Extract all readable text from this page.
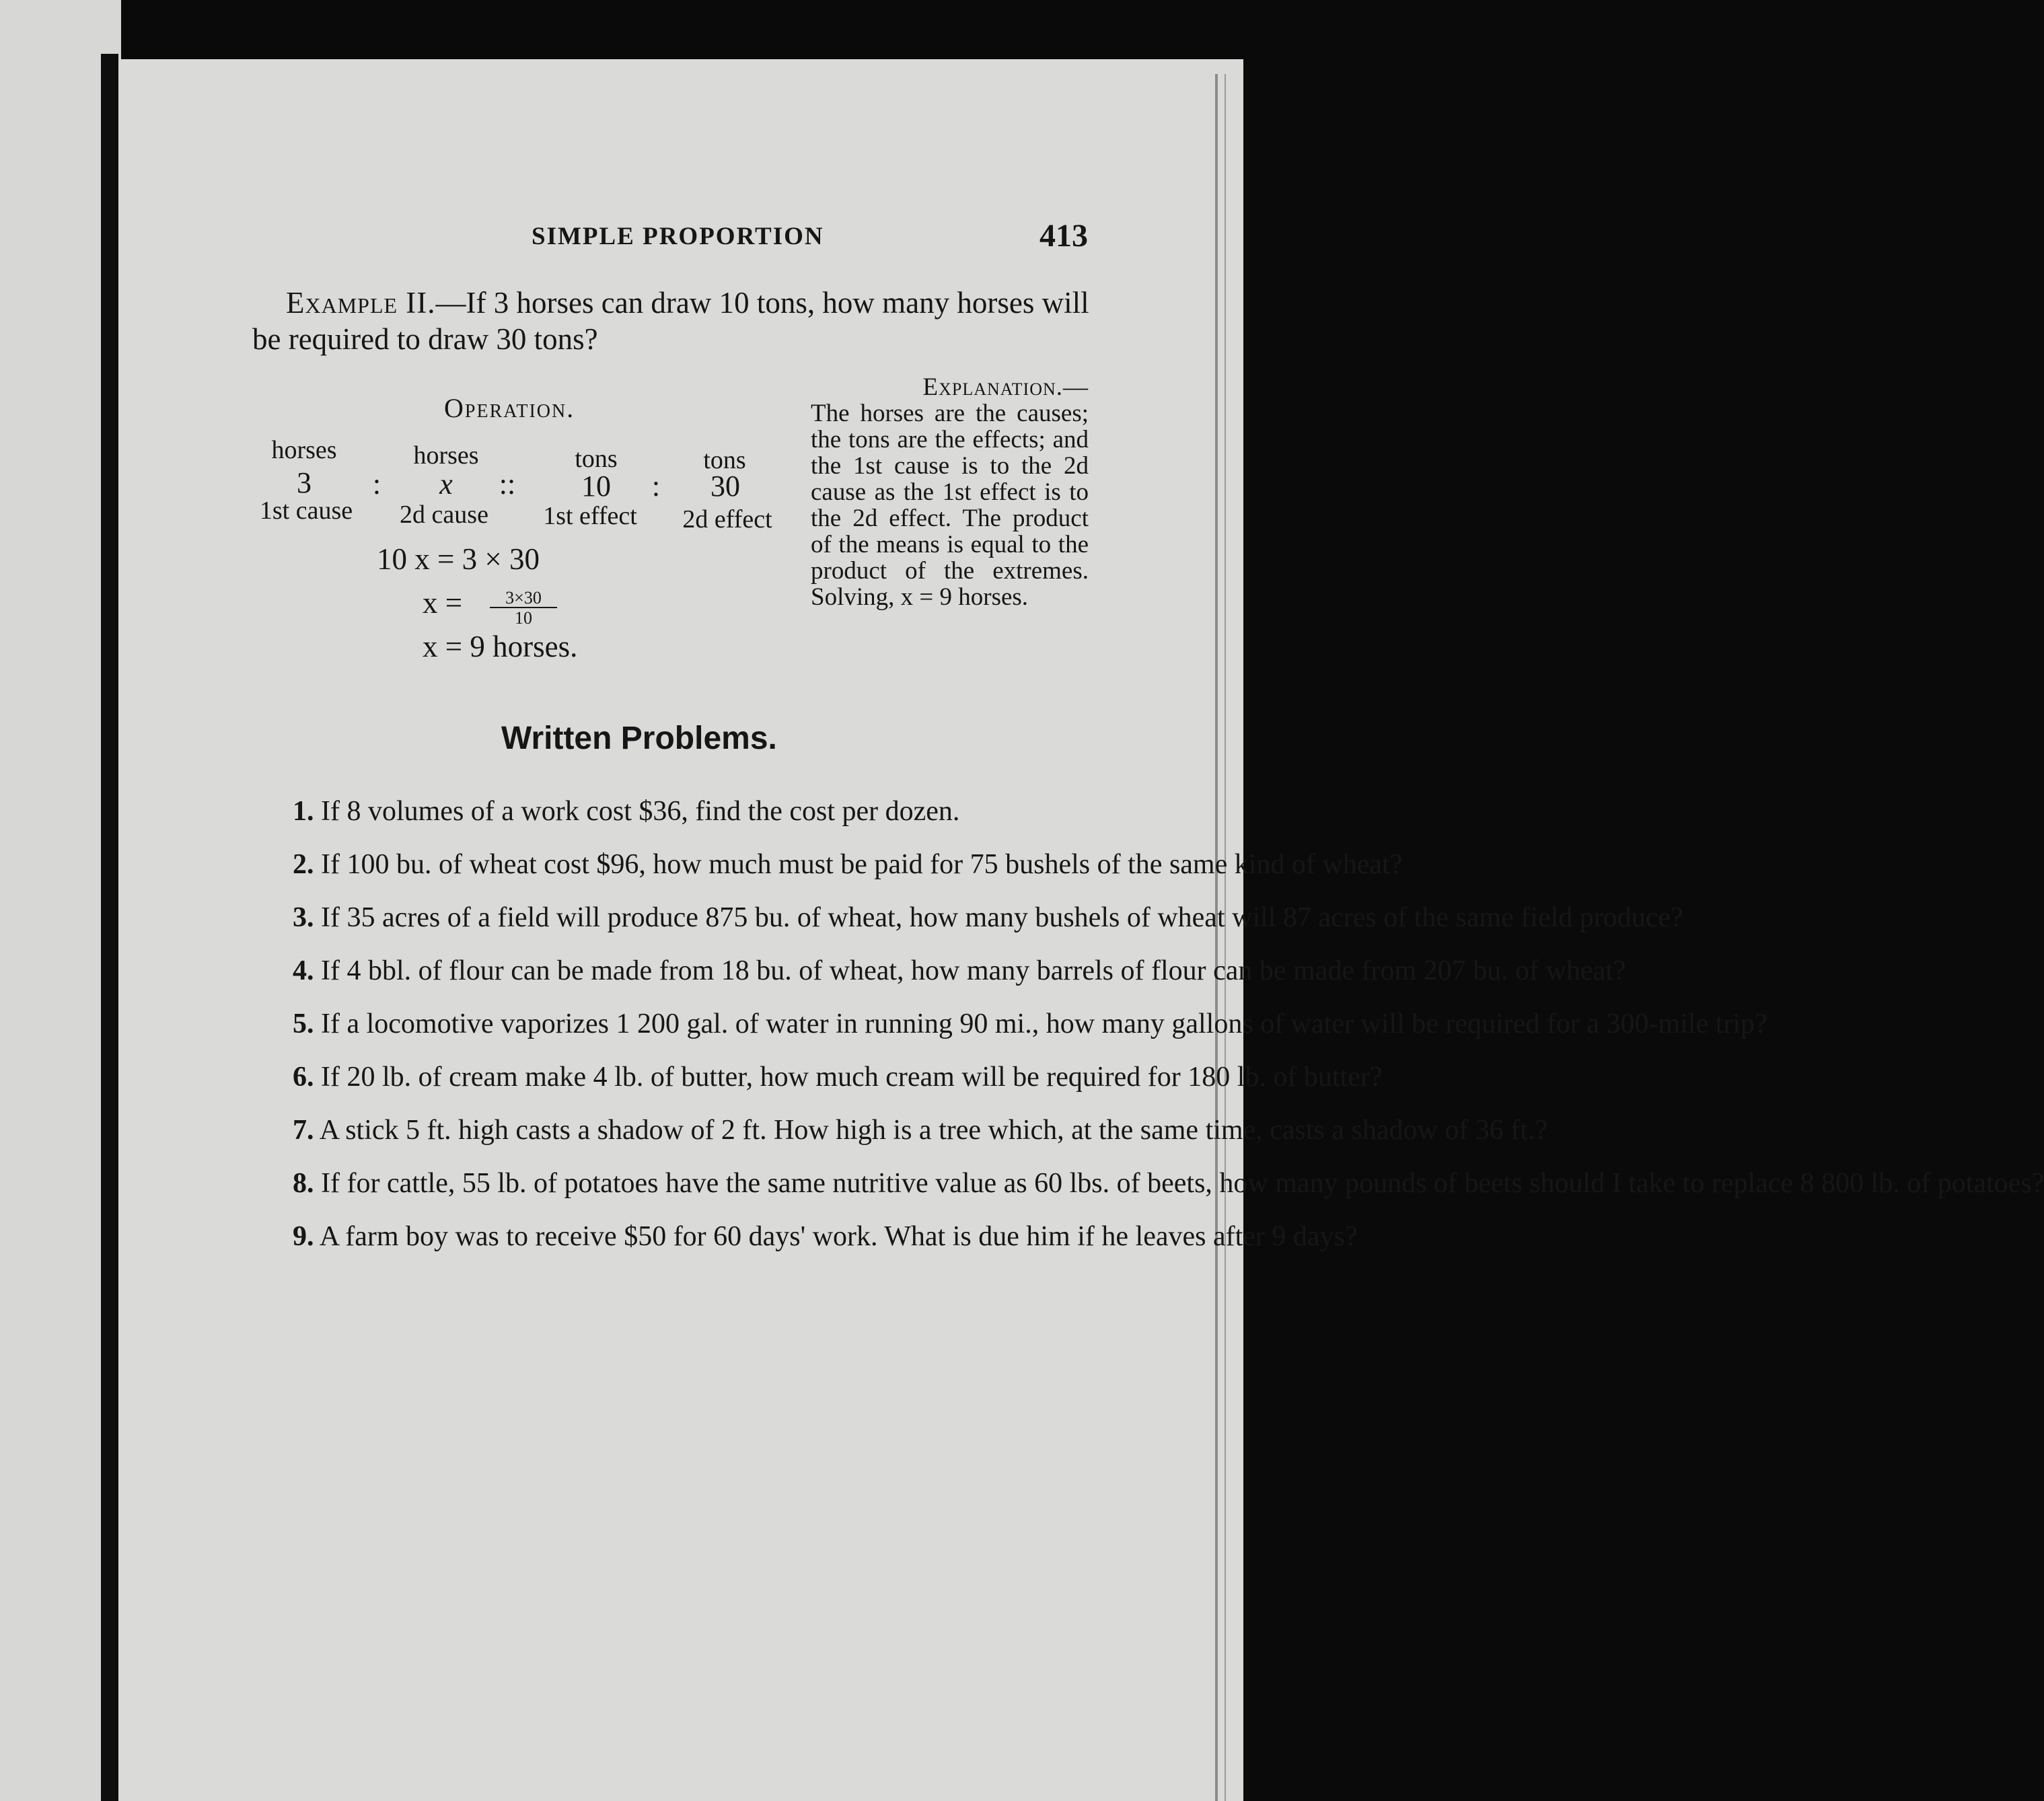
SIMPLE PROPORTION	413
Example II.—If 3 horses can draw 10 tons, how many horses will be required to draw 30 tons?
Operation.
horses	horses	tons	tons
3	:	x	::	10	:	30
1st cause	2d cause	1st effect	2d effect
10 x = 3 × 30
x =	3×30
10
x = 9 horses.
Explanation.—
The horses are the causes; the tons are the effects; and the 1st cause is to the 2d cause as the 1st effect is to the 2d effect. The product of the means is equal to the product of the extremes. Solving, x = 9 horses.
Written Problems.
1. If 8 volumes of a work cost $36, find the cost per dozen.
2. If 100 bu. of wheat cost $96, how much must be paid for 75 bushels of the same kind of wheat?
3. If 35 acres of a field will produce 875 bu. of wheat, how many bushels of wheat will 87 acres of the same field produce?
4. If 4 bbl. of flour can be made from 18 bu. of wheat, how many barrels of flour can be made from 207 bu. of wheat?
5. If a locomotive vaporizes 1 200 gal. of water in running 90 mi., how many gallons of water will be required for a 300-mile trip?
6. If 20 lb. of cream make 4 lb. of butter, how much cream will be required for 180 lb. of butter?
7. A stick 5 ft. high casts a shadow of 2 ft. How high is a tree which, at the same time, casts a shadow of 36 ft.?
8. If for cattle, 55 lb. of potatoes have the same nutritive value as 60 lbs. of beets, how many pounds of beets should I take to replace 8 800 lb. of potatoes?
9. A farm boy was to receive $50 for 60 days' work. What is due him if he leaves after 9 days?
